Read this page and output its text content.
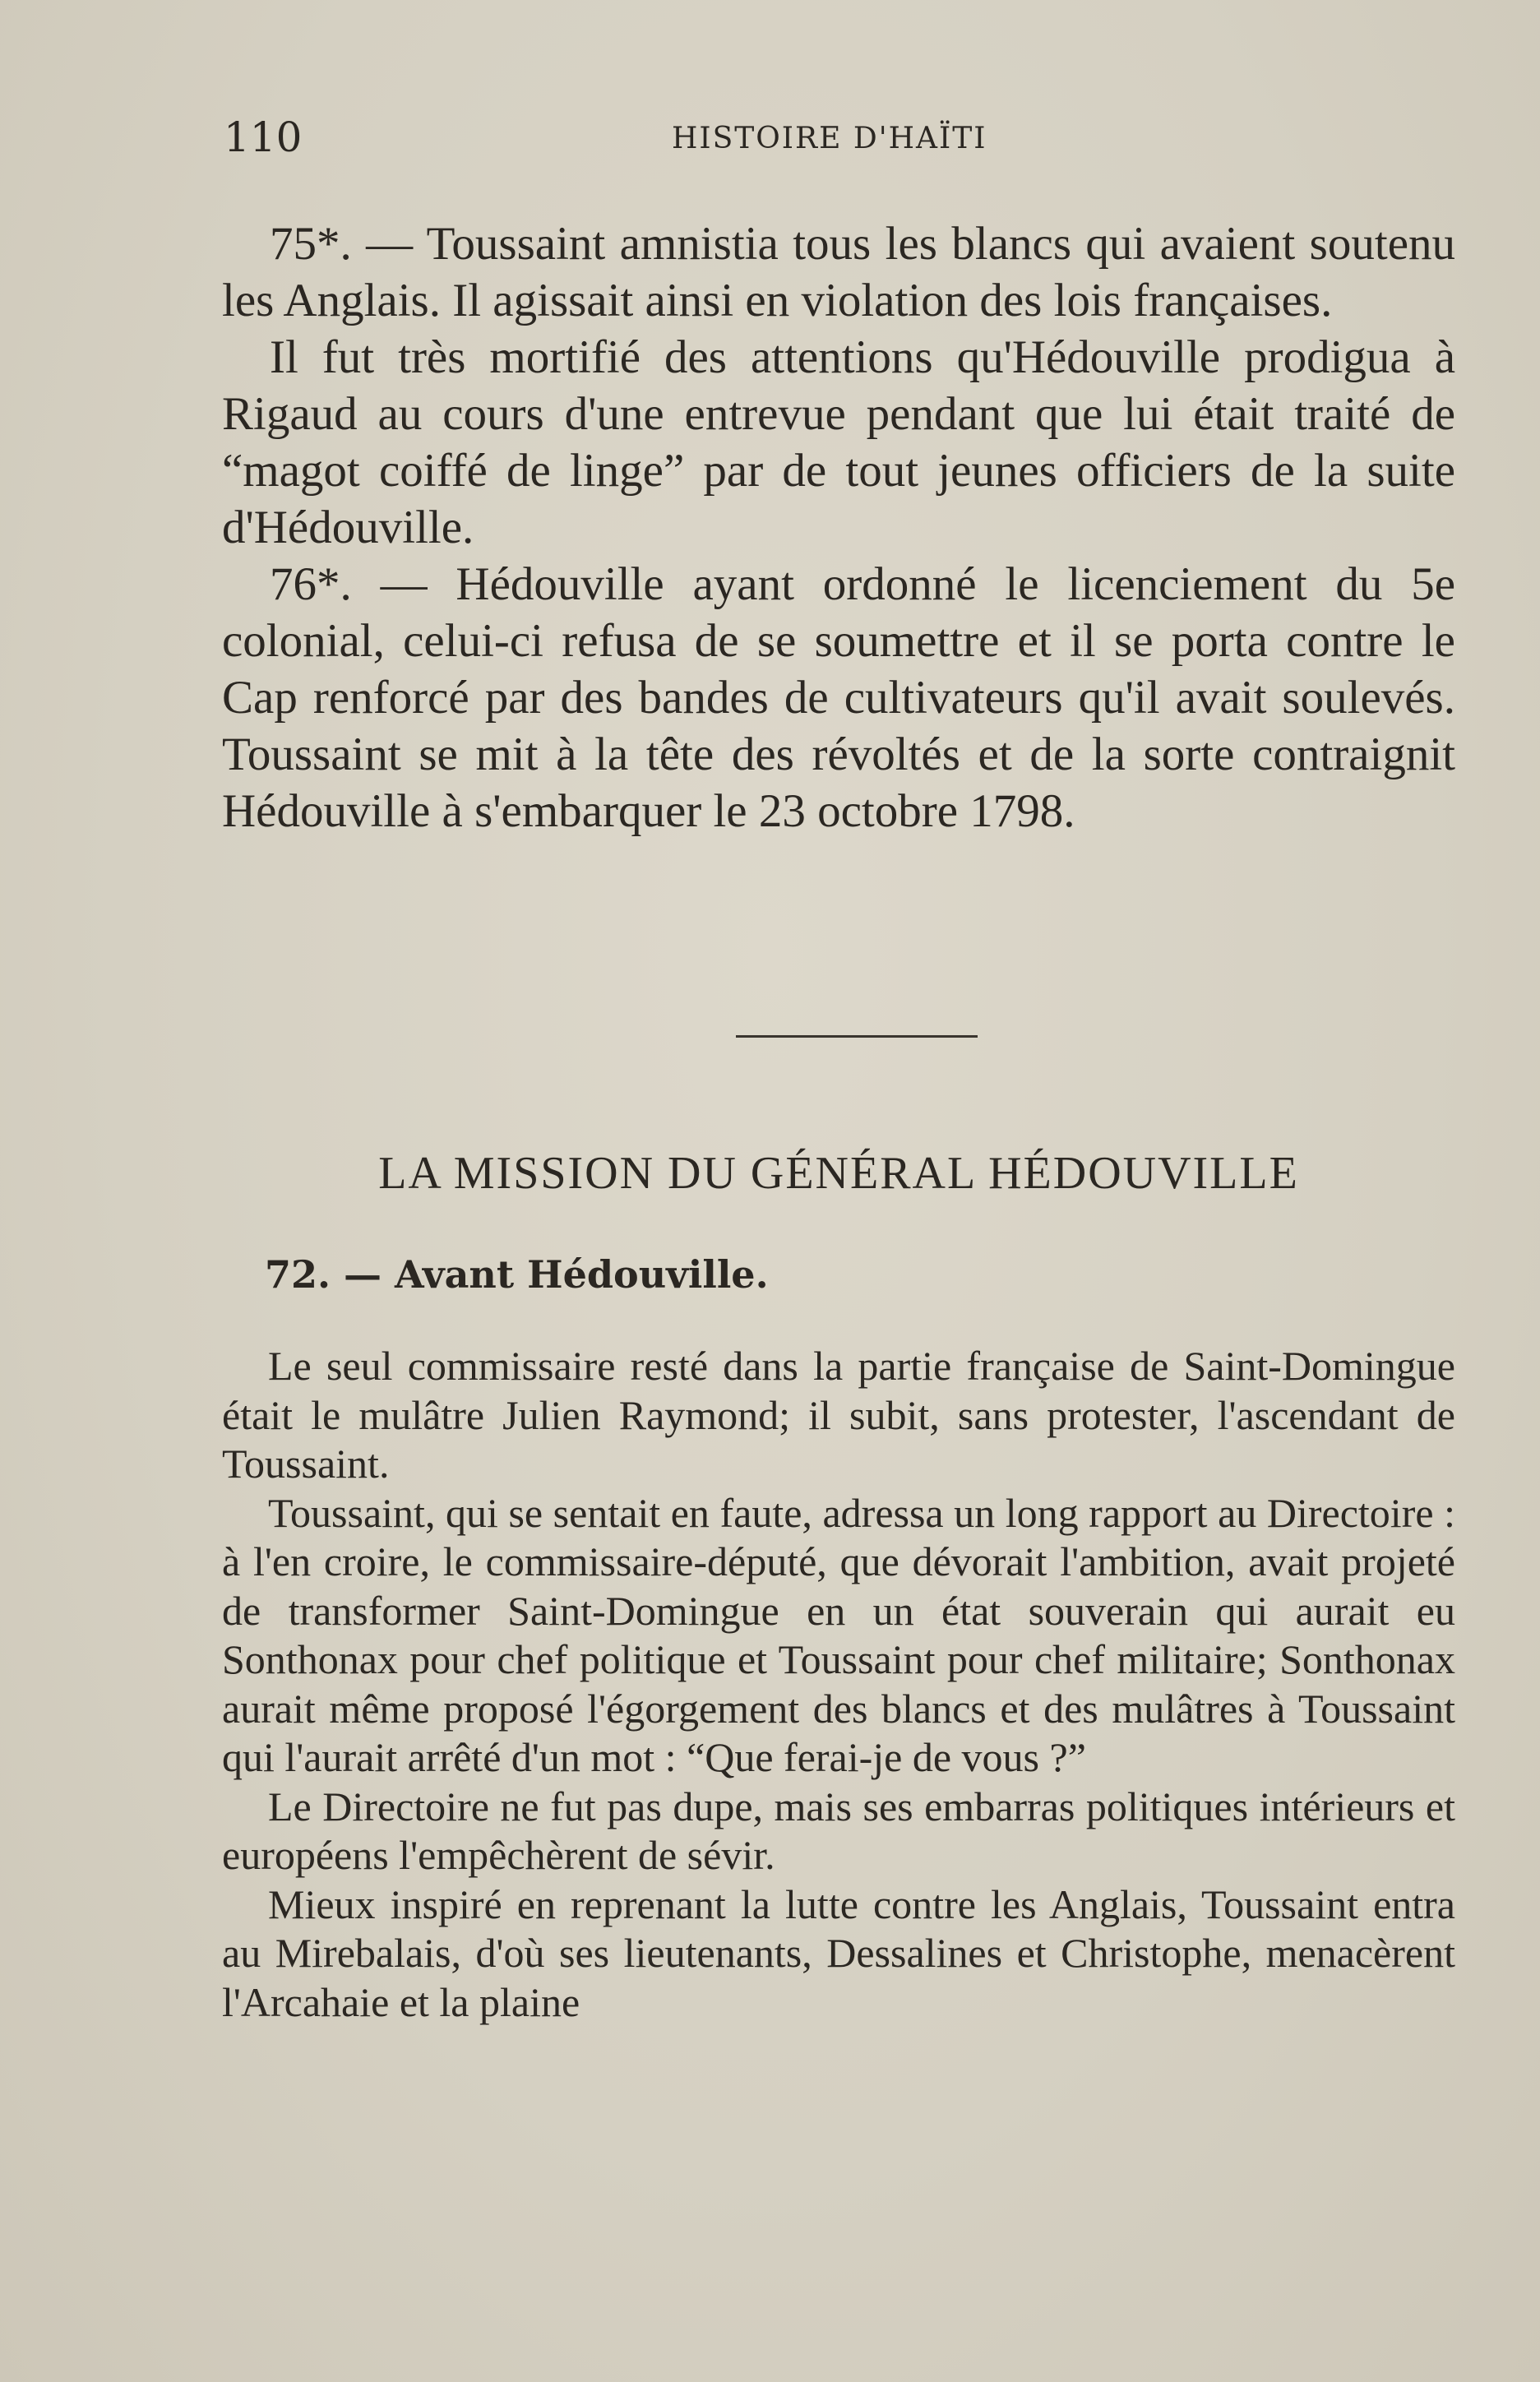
110	HISTOIRE D'HAÏTI

75*. — Toussaint amnistia tous les blancs qui avaient soutenu les Anglais. Il agissait ainsi en violation des lois françaises.

Il fut très mortifié des attentions qu'Hédouville prodigua à Rigaud au cours d'une entrevue pendant que lui était traité de “magot coiffé de linge” par de tout jeunes officiers de la suite d'Hédouville.

76*. — Hédouville ayant ordonné le licenciement du 5e colonial, celui-ci refusa de se soumettre et il se porta contre le Cap renforcé par des bandes de cultivateurs qu'il avait soulevés. Toussaint se mit à la tête des révoltés et de la sorte contraignit Hédouville à s'embarquer le 23 octobre 1798.

LA MISSION DU GÉNÉRAL HÉDOUVILLE
72. — Avant Hédouville.

Le seul commissaire resté dans la partie française de Saint-Domingue était le mulâtre Julien Raymond; il subit, sans protester, l'ascendant de Toussaint.

Toussaint, qui se sentait en faute, adressa un long rapport au Directoire : à l'en croire, le commissaire-député, que dévorait l'ambition, avait projeté de transformer Saint-Domingue en un état souverain qui aurait eu Sonthonax pour chef politique et Toussaint pour chef militaire; Sonthonax aurait même proposé l'égorgement des blancs et des mulâtres à Toussaint qui l'aurait arrêté d'un mot : “Que ferai-je de vous ?”

Le Directoire ne fut pas dupe, mais ses embarras politiques intérieurs et européens l'empêchèrent de sévir.

Mieux inspiré en reprenant la lutte contre les Anglais, Toussaint entra au Mirebalais, d'où ses lieutenants, Dessalines et Christophe, menacèrent l'Arcahaie et la plaine
